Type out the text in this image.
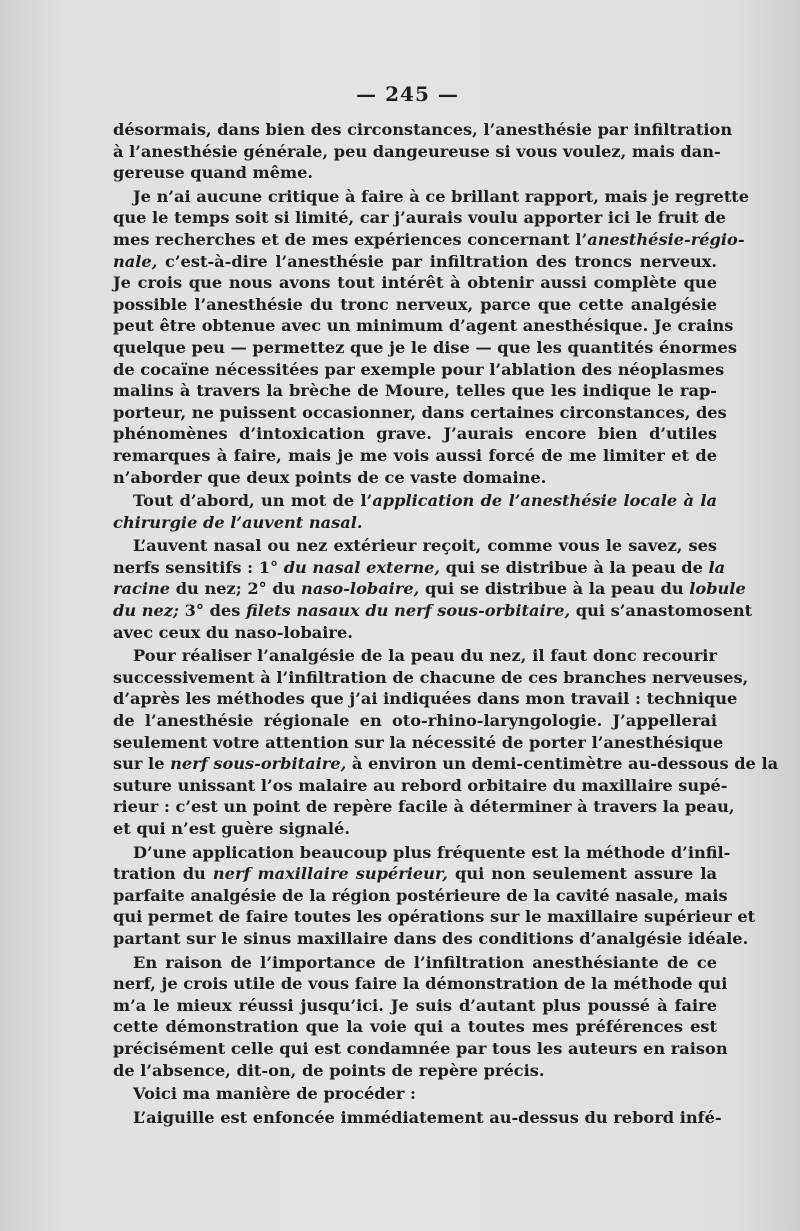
— 245 —
désormais, dans bien des circonstances, l’anesthésie par infiltration
à l’anesthésie générale, peu dangeureuse si vous voulez, mais dan-
gereuse quand même.
Je n’ai aucune critique à faire à ce brillant rapport, mais je regrette
que le temps soit si limité, car j’aurais voulu apporter ici le fruit de
mes recherches et de mes expériences concernant l’anesthésie-régio-
nale, c’est-à-dire l’anesthésie par infiltration des troncs nerveux.
Je crois que nous avons tout intérêt à obtenir aussi complète que
possible l’anesthésie du tronc nerveux, parce que cette analgésie
peut être obtenue avec un minimum d’agent anesthésique. Je crains
quelque peu — permettez que je le dise — que les quantités énormes
de cocaïne nécessitées par exemple pour l’ablation des néoplasmes
malins à travers la brèche de Moure, telles que les indique le rap-
porteur, ne puissent occasionner, dans certaines circonstances, des
phénomènes d’intoxication grave. J’aurais encore bien d’utiles
remarques à faire, mais je me vois aussi forcé de me limiter et de
n’aborder que deux points de ce vaste domaine.
Tout d’abord, un mot de l’application de l’anesthésie locale à la
chirurgie de l’auvent nasal.
L’auvent nasal ou nez extérieur reçoit, comme vous le savez, ses
nerfs sensitifs : 1° du nasal externe, qui se distribue à la peau de la
racine du nez; 2° du naso-lobaire, qui se distribue à la peau du lobule
du nez; 3° des filets nasaux du nerf sous-orbitaire, qui s’anastomosent
avec ceux du naso-lobaire.
Pour réaliser l’analgésie de la peau du nez, il faut donc recourir
successivement à l’infiltration de chacune de ces branches nerveuses,
d’après les méthodes que j’ai indiquées dans mon travail : technique
de l’anesthésie régionale en oto-rhino-laryngologie. J’appellerai
seulement votre attention sur la nécessité de porter l’anesthésique
sur le nerf sous-orbitaire, à environ un demi-centimètre au-dessous de la
suture unissant l’os malaire au rebord orbitaire du maxillaire supé-
rieur : c’est un point de repère facile à déterminer à travers la peau,
et qui n’est guère signalé.
D’une application beaucoup plus fréquente est la méthode d’infil-
tration du nerf maxillaire supérieur, qui non seulement assure la
parfaite analgésie de la région postérieure de la cavité nasale, mais
qui permet de faire toutes les opérations sur le maxillaire supérieur et
partant sur le sinus maxillaire dans des conditions d’analgésie idéale.
En raison de l’importance de l’infiltration anesthésiante de ce
nerf, je crois utile de vous faire la démonstration de la méthode qui
m’a le mieux réussi jusqu’ici. Je suis d’autant plus poussé à faire
cette démonstration que la voie qui a toutes mes préférences est
précisément celle qui est condamnée par tous les auteurs en raison
de l’absence, dit-on, de points de repère précis.
Voici ma manière de procéder :
L’aiguille est enfoncée immédiatement au-dessus du rebord infé-
